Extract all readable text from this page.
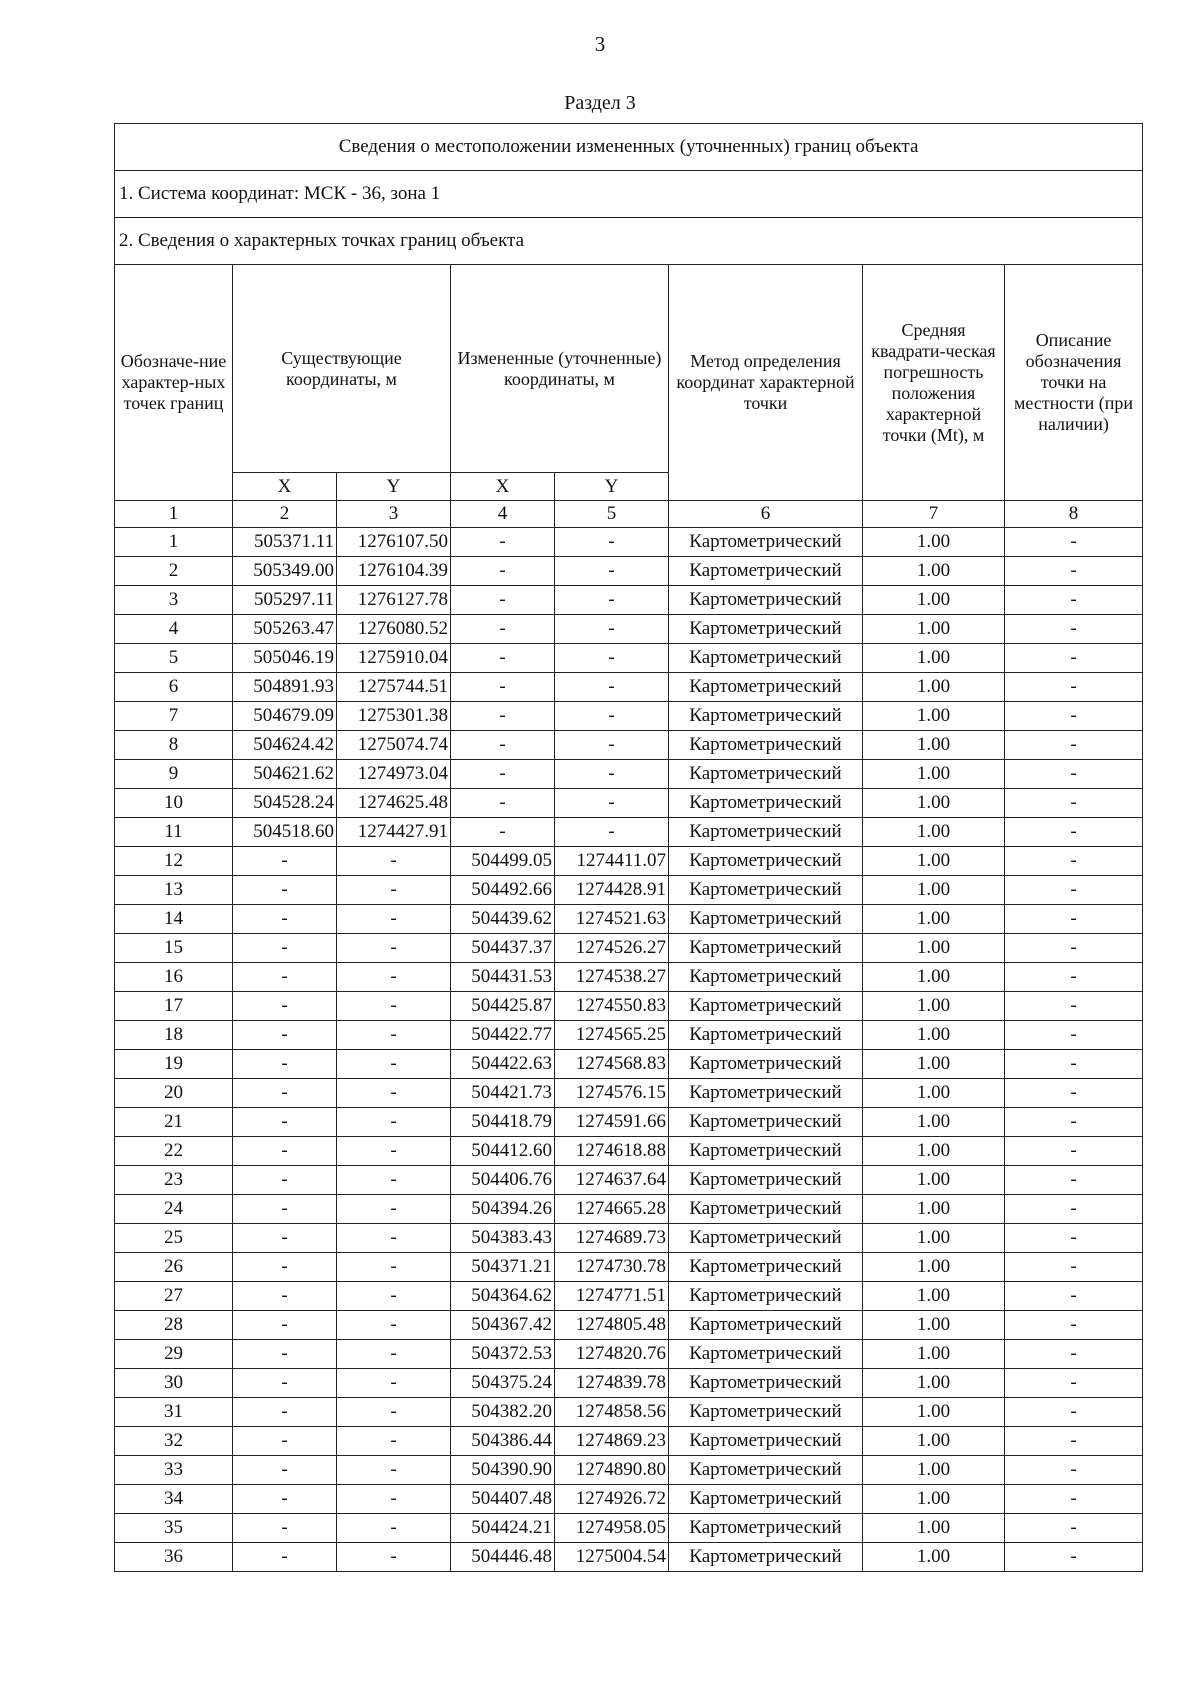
3
Раздел 3
Сведения о местоположении измененных (уточненных) границ объекта							
1. Система координат: МСК - 36, зона 1							
2. Сведения о характерных точках границ объекта							
Обозначе-ние характер-ных точек границ	Существующие координаты, м		Измененные (уточненные) координаты, м		Метод определения координат характерной точки	Средняя квадрати-ческая погрешность положения характерной точки (Mt), м	Описание обозначения точки на местности (при наличии)
	X	Y	X	Y			
1	2	3	4	5	6	7	8
1	505371.11	1276107.50	-	-	Картометрический	1.00	-
2	505349.00	1276104.39	-	-	Картометрический	1.00	-
3	505297.11	1276127.78	-	-	Картометрический	1.00	-
4	505263.47	1276080.52	-	-	Картометрический	1.00	-
5	505046.19	1275910.04	-	-	Картометрический	1.00	-
6	504891.93	1275744.51	-	-	Картометрический	1.00	-
7	504679.09	1275301.38	-	-	Картометрический	1.00	-
8	504624.42	1275074.74	-	-	Картометрический	1.00	-
9	504621.62	1274973.04	-	-	Картометрический	1.00	-
10	504528.24	1274625.48	-	-	Картометрический	1.00	-
11	504518.60	1274427.91	-	-	Картометрический	1.00	-
12	-	-	504499.05	1274411.07	Картометрический	1.00	-
13	-	-	504492.66	1274428.91	Картометрический	1.00	-
14	-	-	504439.62	1274521.63	Картометрический	1.00	-
15	-	-	504437.37	1274526.27	Картометрический	1.00	-
16	-	-	504431.53	1274538.27	Картометрический	1.00	-
17	-	-	504425.87	1274550.83	Картометрический	1.00	-
18	-	-	504422.77	1274565.25	Картометрический	1.00	-
19	-	-	504422.63	1274568.83	Картометрический	1.00	-
20	-	-	504421.73	1274576.15	Картометрический	1.00	-
21	-	-	504418.79	1274591.66	Картометрический	1.00	-
22	-	-	504412.60	1274618.88	Картометрический	1.00	-
23	-	-	504406.76	1274637.64	Картометрический	1.00	-
24	-	-	504394.26	1274665.28	Картометрический	1.00	-
25	-	-	504383.43	1274689.73	Картометрический	1.00	-
26	-	-	504371.21	1274730.78	Картометрический	1.00	-
27	-	-	504364.62	1274771.51	Картометрический	1.00	-
28	-	-	504367.42	1274805.48	Картометрический	1.00	-
29	-	-	504372.53	1274820.76	Картометрический	1.00	-
30	-	-	504375.24	1274839.78	Картометрический	1.00	-
31	-	-	504382.20	1274858.56	Картометрический	1.00	-
32	-	-	504386.44	1274869.23	Картометрический	1.00	-
33	-	-	504390.90	1274890.80	Картометрический	1.00	-
34	-	-	504407.48	1274926.72	Картометрический	1.00	-
35	-	-	504424.21	1274958.05	Картометрический	1.00	-
36	-	-	504446.48	1275004.54	Картометрический	1.00	-
